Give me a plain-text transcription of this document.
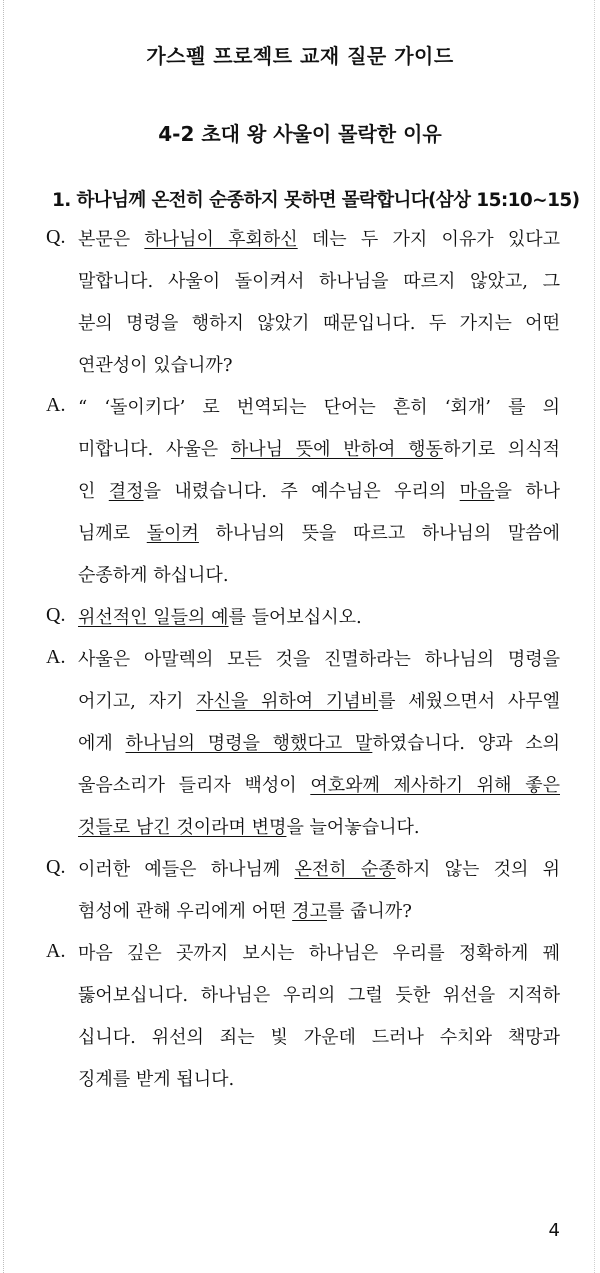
가스펠 프로젝트 교재 질문 가이드
4-2 초대 왕 사울이 몰락한 이유
1. 하나님께 온전히 순종하지 못하면 몰락합니다(삼상 15:10~15)
Q. 본문은 하나님이 후회하신 데는 두 가지 이유가 있다고
말합니다. 사울이 돌이켜서 하나님을 따르지 않았고, 그
분의 명령을 행하지 않았기 때문입니다. 두 가지는 어떤
연관성이 있습니까?
A. “ ‘돌이키다’ 로 번역되는 단어는 흔히 ‘회개’ 를 의
미합니다. 사울은 하나님 뜻에 반하여 행동하기로 의식적
인 결정을 내렸습니다. 주 예수님은 우리의 마음을 하나
님께로 돌이켜 하나님의 뜻을 따르고 하나님의 말씀에
순종하게 하십니다.
Q. 위선적인 일들의 예를 들어보십시오.
A. 사울은 아말렉의 모든 것을 진멸하라는 하나님의 명령을
어기고, 자기 자신을 위하여 기념비를 세웠으면서 사무엘
에게 하나님의 명령을 행했다고 말하였습니다. 양과 소의
울음소리가 들리자 백성이 여호와께 제사하기 위해 좋은
것들로 남긴 것이라며 변명을 늘어놓습니다.
Q. 이러한 예들은 하나님께 온전히 순종하지 않는 것의 위
험성에 관해 우리에게 어떤 경고를 줍니까?
A. 마음 깊은 곳까지 보시는 하나님은 우리를 정확하게 꿰
뚫어보십니다. 하나님은 우리의 그럴 듯한 위선을 지적하
십니다. 위선의 죄는 빛 가운데 드러나 수치와 책망과
징계를 받게 됩니다.
4
